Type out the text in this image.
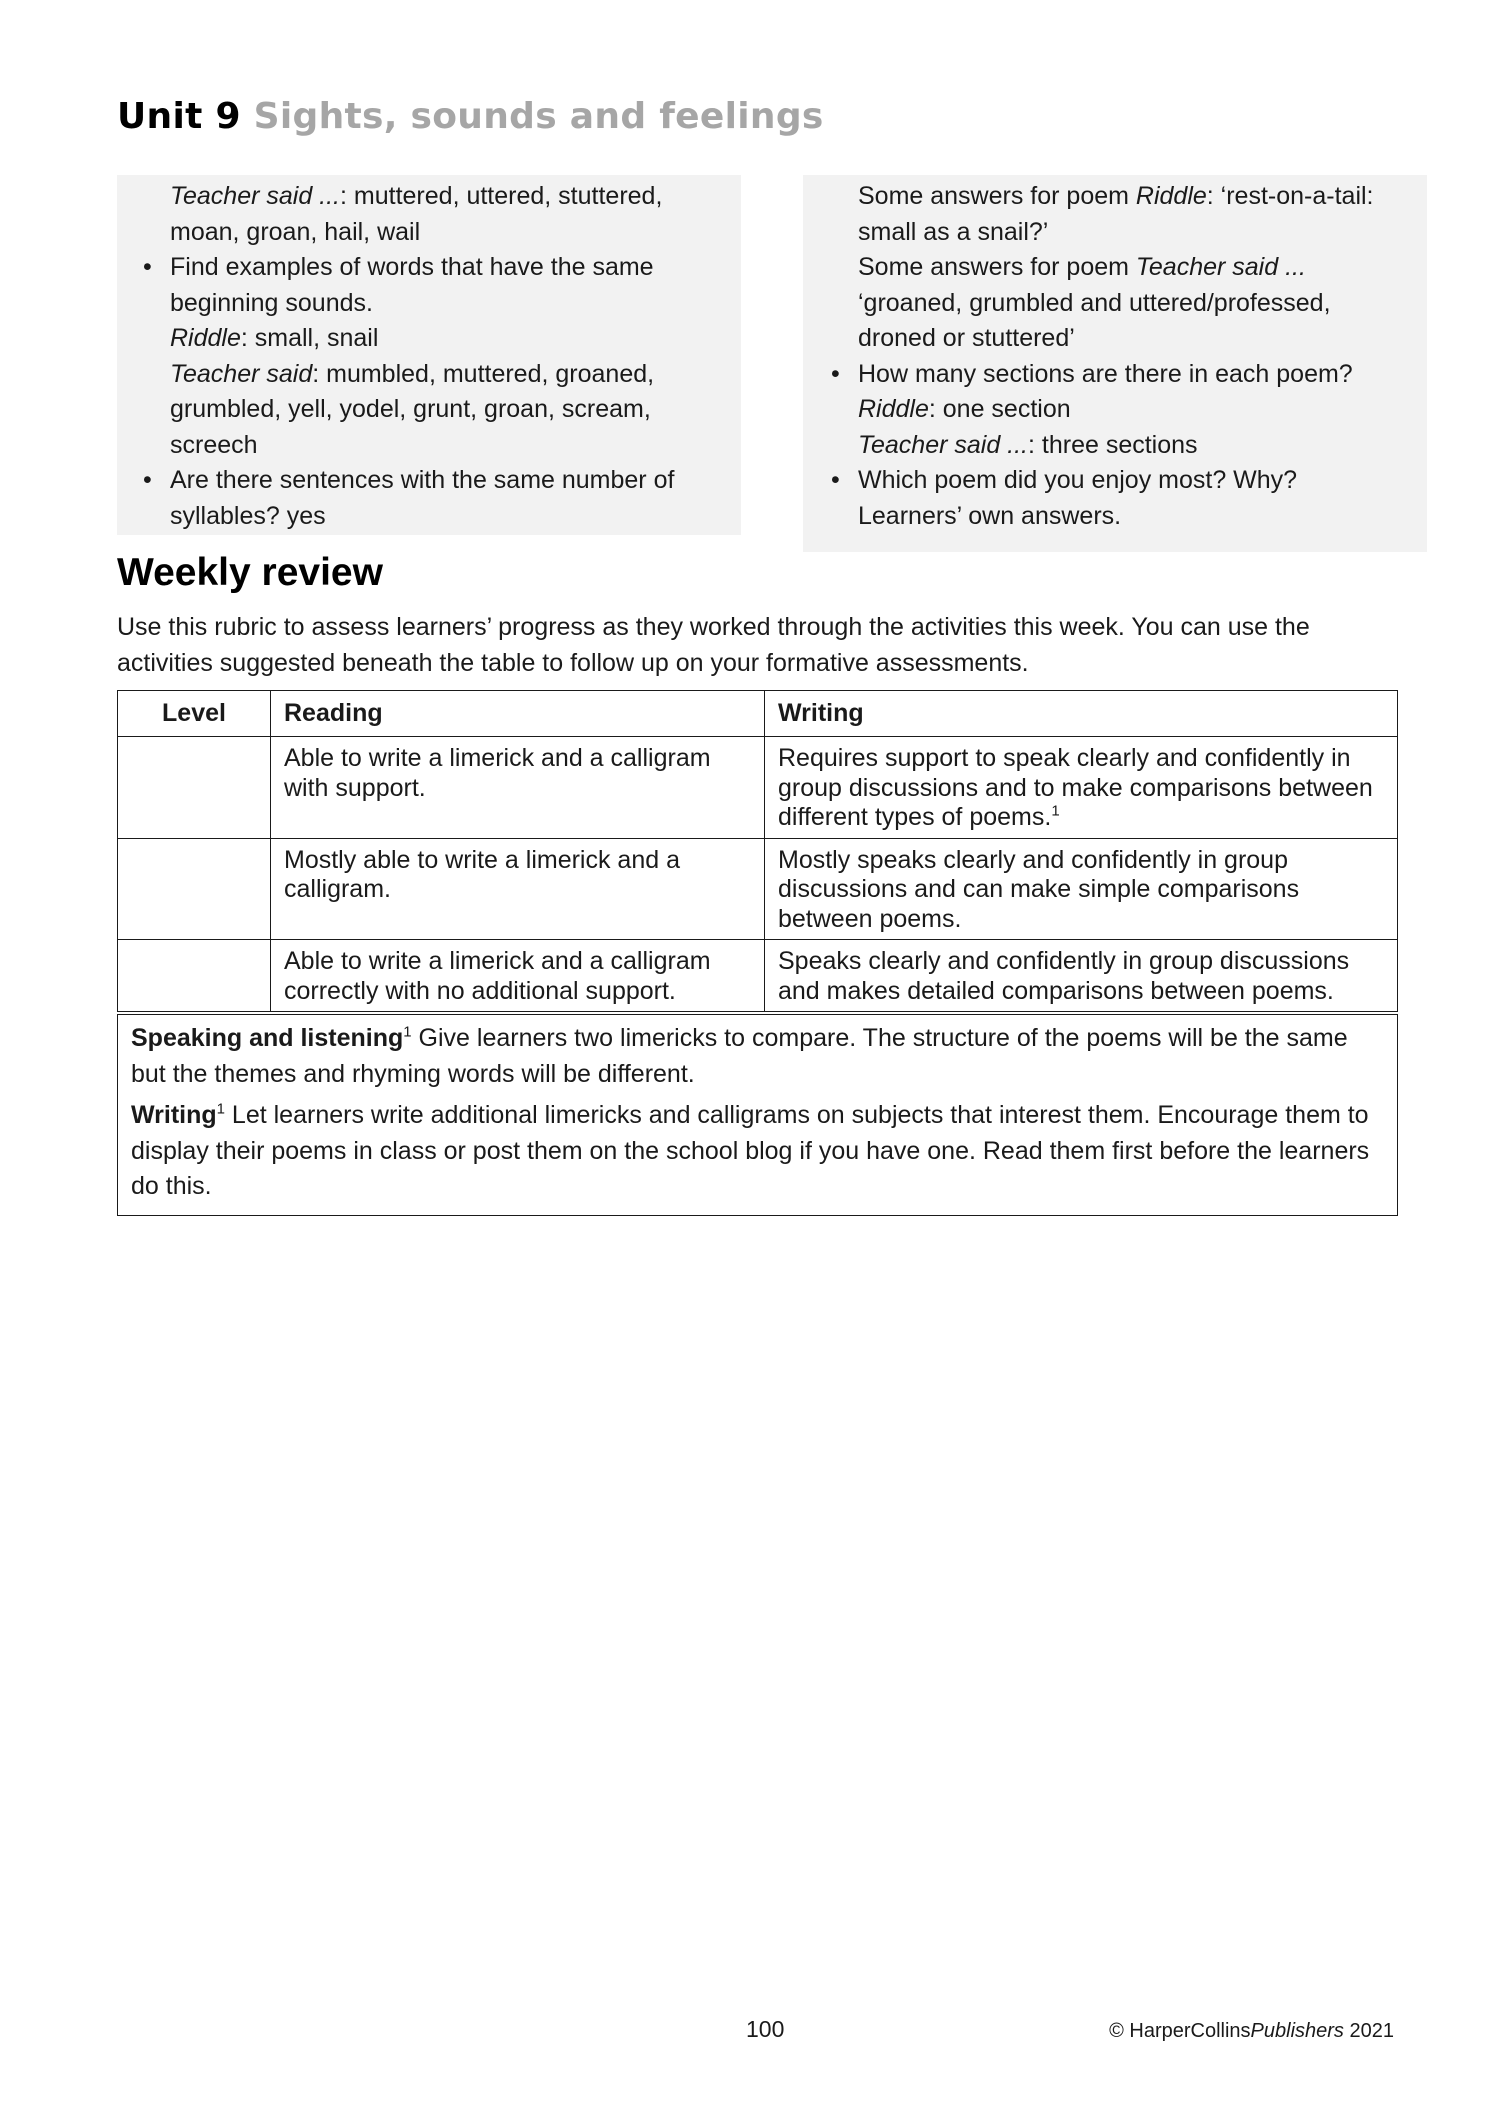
Unit 9 Sights, sounds and feelings
Teacher said ...: muttered, uttered, stuttered,
moan, groan, hail, wail
• Find examples of words that have the same
beginning sounds.
Riddle: small, snail
Teacher said: mumbled, muttered, groaned,
grumbled, yell, yodel, grunt, groan, scream,
screech
• Are there sentences with the same number of
syllables? yes
Some answers for poem Riddle: ‘rest-on-a-tail:
small as a snail?’
Some answers for poem Teacher said ...
‘groaned, grumbled and uttered/professed,
droned or stuttered’
• How many sections are there in each poem?
Riddle: one section
Teacher said ...: three sections
• Which poem did you enjoy most? Why?
Learners’ own answers.
Weekly review

Use this rubric to assess learners’ progress as they worked through the activities this week. You can use the activities suggested beneath the table to follow up on your formative assessments.

Level	Reading	Writing
	Able to write a limerick and a calligram with support.	Requires support to speak clearly and confidently in group discussions and to make comparisons between different types of poems.$^1$
	Mostly able to write a limerick and a calligram.	Mostly speaks clearly and confidently in group discussions and can make simple comparisons between poems.
	Able to write a limerick and a calligram correctly with no additional support.	Speaks clearly and confidently in group discussions and makes detailed comparisons between poems.

Speaking and listening$^1$ Give learners two limericks to compare. The structure of the poems will be the same but the themes and rhyming words will be different.

Writing$^1$ Let learners write additional limericks and calligrams on subjects that interest them. Encourage them to display their poems in class or post them on the school blog if you have one. Read them first before the learners do this.

100	© HarperCollinsPublishers 2021
